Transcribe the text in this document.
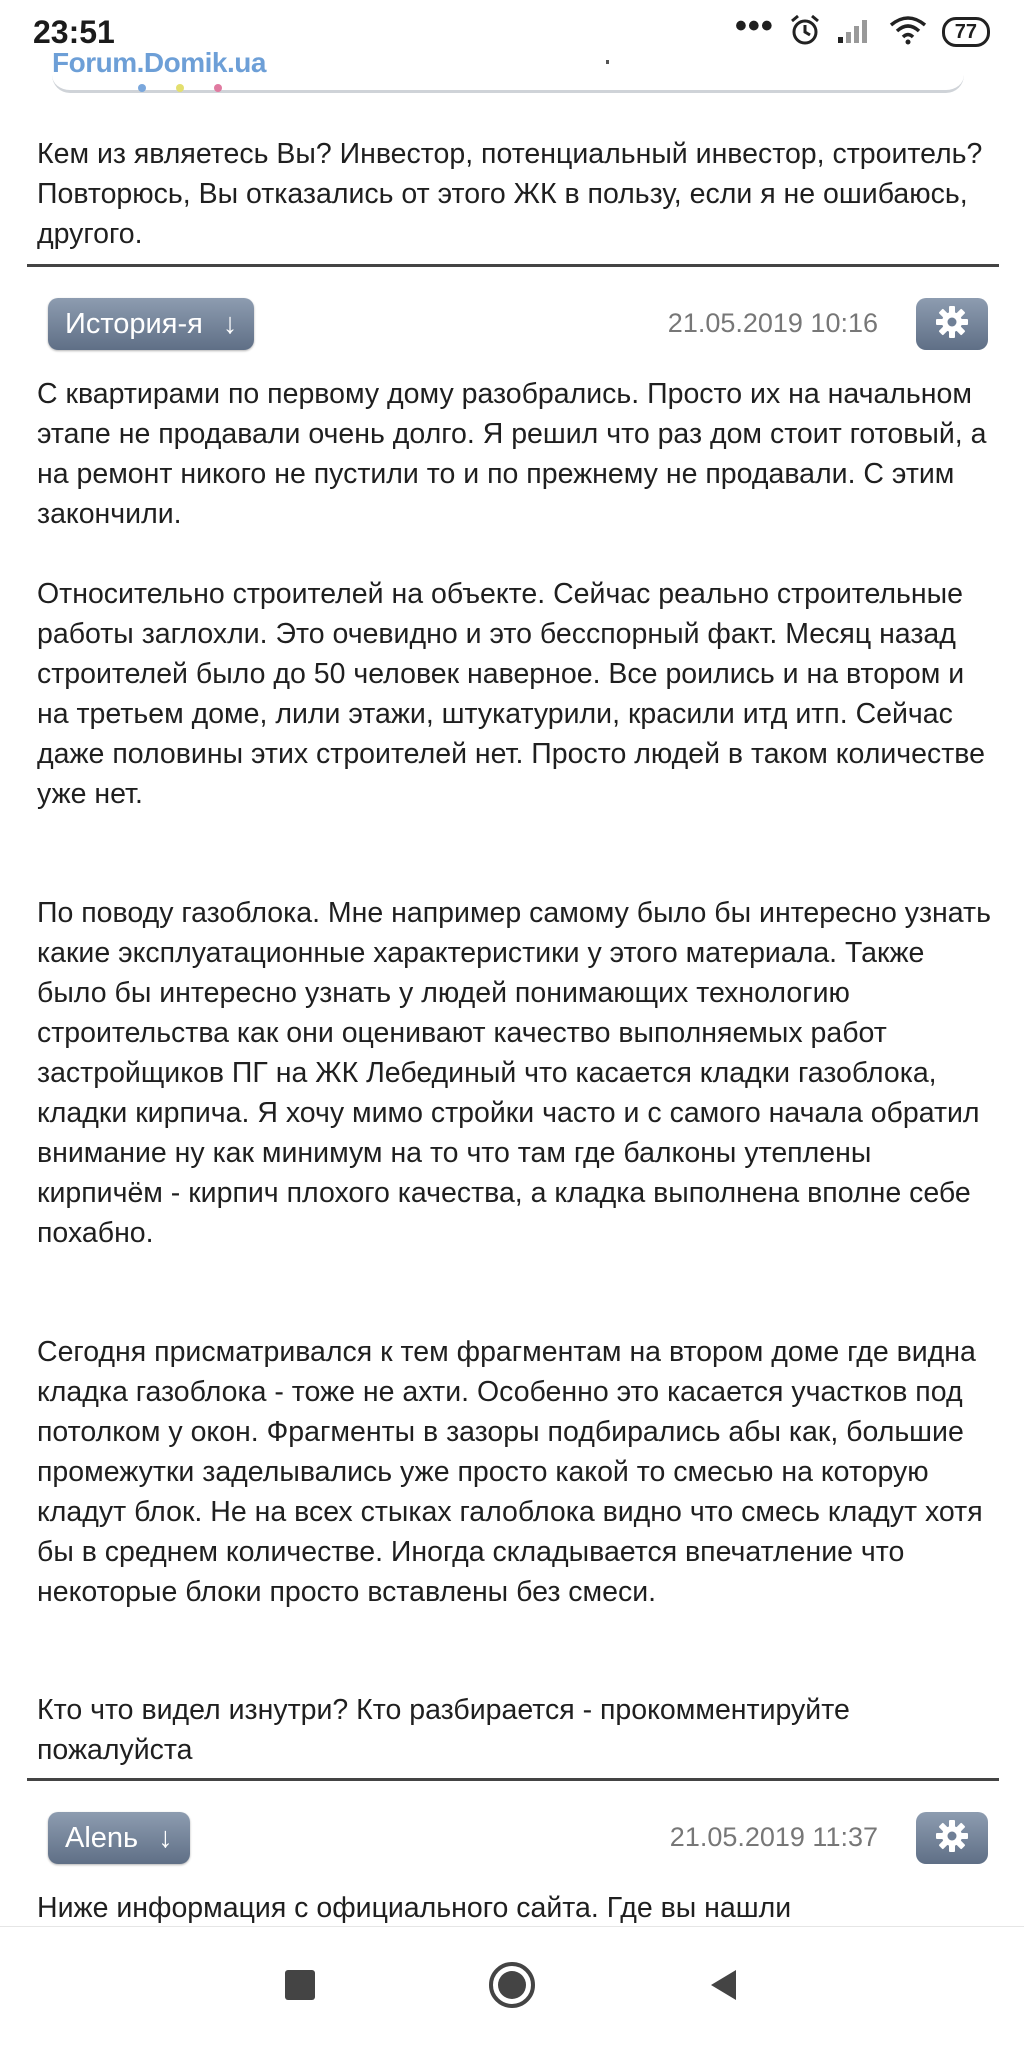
23:51	•••	77
Forum.Domik.ua
Кем из являетесь Вы? Инвестор, потенциальный инвестор, строитель? Повторюсь, Вы отказались от этого ЖК в пользу, если я не ошибаюсь, другого.
История-я ↓	21.05.2019 10:16
С квартирами по первому дому разобрались. Просто их на начальном этапе не продавали очень долго. Я решил что раз дом стоит готовый, а на ремонт никого не пустили то и по прежнему не продавали. С этим закончили.
Относительно строителей на объекте. Сейчас реально строительные работы заглохли. Это очевидно и это бесспорный факт. Месяц назад строителей было до 50 человек наверное. Все роились и на втором и на третьем доме, лили этажи, штукатурили, красили итд итп. Сейчас даже половины этих строителей нет. Просто людей в таком количестве уже нет.
По поводу газоблока. Мне например самому было бы интересно узнать какие эксплуатационные характеристики у этого материала. Также было бы интересно узнать у людей понимающих технологию строительства как они оценивают качество выполняемых работ застройщиков ПГ на ЖК Лебединый что касается кладки газоблока, кладки кирпича. Я хочу мимо стройки часто и с самого начала обратил внимание ну как минимум на то что там где балконы утеплены кирпичём - кирпич плохого качества, а кладка выполнена вполне себе похабно.
Сегодня присматривался к тем фрагментам на втором доме где видна кладка газоблока - тоже не ахти. Особенно это касается участков под потолком у окон. Фрагменты в зазоры подбирались абы как, большие промежутки заделывались уже просто какой то смесью на которую кладут блок. Не на всех стыках галоблока видно что смесь кладут хотя бы в среднем количестве. Иногда складывается впечатление что некоторые блоки просто вставлены без смеси.
Кто что видел изнутри? Кто разбирается - прокомментируйте пожалуйста
Alenь ↓	21.05.2019 11:37
Ниже информация с официального сайта. Где вы нашли
